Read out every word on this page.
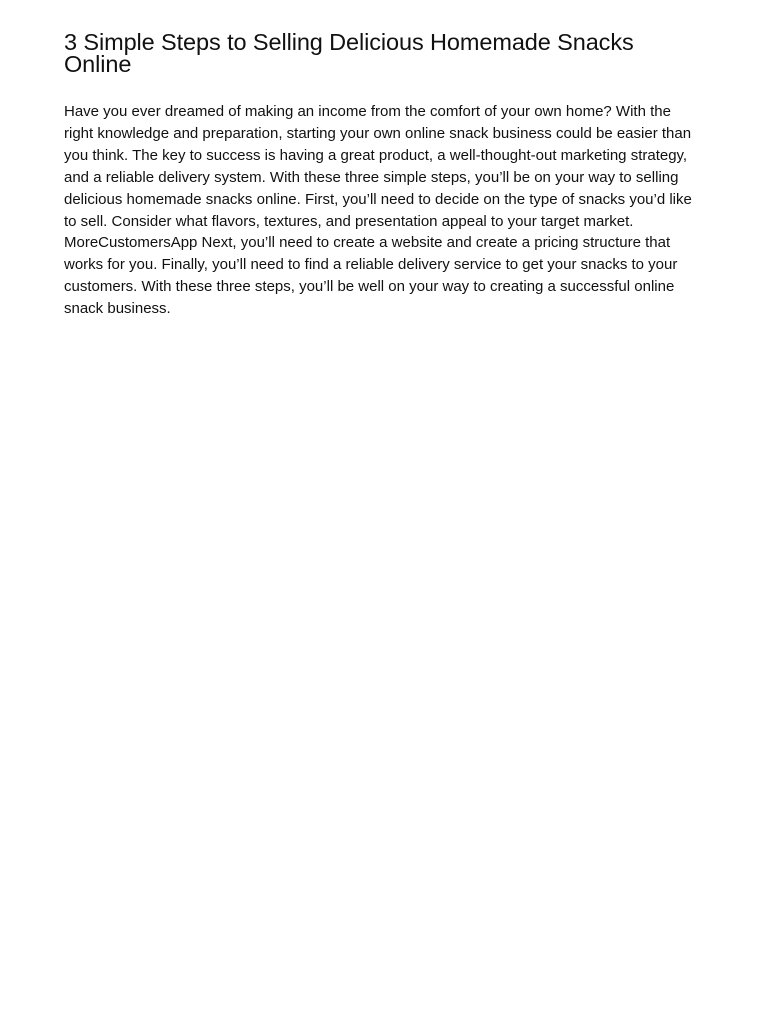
3 Simple Steps to Selling Delicious Homemade Snacks Online

Have you ever dreamed of making an income from the comfort of your own home? With the right knowledge and preparation, starting your own online snack business could be easier than you think. The key to success is having a great product, a well-thought-out marketing strategy, and a reliable delivery system. With these three simple steps, you’ll be on your way to selling delicious homemade snacks online. First, you’ll need to decide on the type of snacks you’d like to sell. Consider what flavors, textures, and presentation appeal to your target market. MoreCustomersApp Next, you’ll need to create a website and create a pricing structure that works for you. Finally, you’ll need to find a reliable delivery service to get your snacks to your customers. With these three steps, you’ll be well on your way to creating a successful online snack business.
